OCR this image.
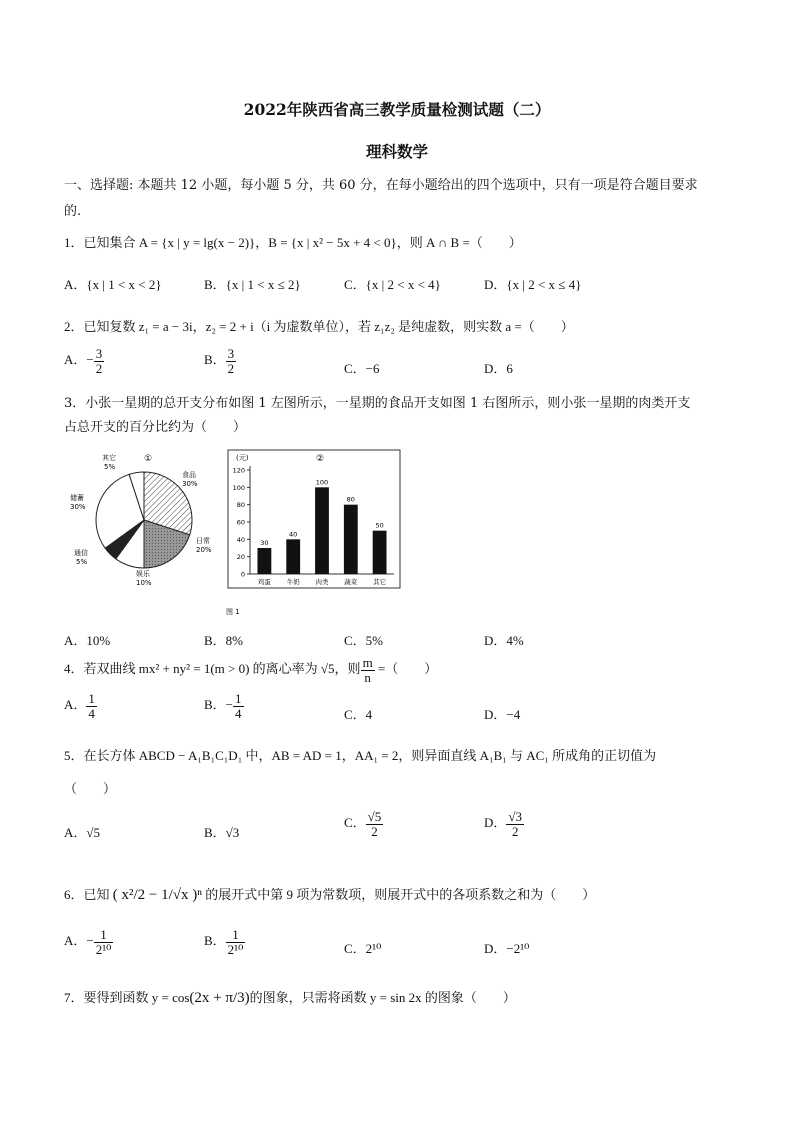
2022年陕西省高三教学质量检测试题（二）
理科数学
一、选择题: 本题共 12 小题，每小题 5 分，共 60 分，在每小题给出的四个选项中，只有一项是符合题目要求
的.
1．已知集合 A = {x | y = lg(x − 2)}，B = {x | x² − 5x + 4 < 0}，则 A ∩ B =（　　）
A．{x | 1 < x < 2}	B．{x | 1 < x ≤ 2}	C．{x | 2 < x < 4}	D．{x | 2 < x ≤ 4}
2．已知复数 z₁ = a − 3i，z₂ = 2 + i（i 为虚数单位），若 z₁z₂ 是纯虚数，则实数 a =（　　）
A．− $\frac{3}{2}$	B． $\frac{3}{2}$	C．−6	D．6
3．小张一星期的总开支分布如图 1 左图所示，一星期的食品开支如图 1 右图所示，则小张一星期的肉类开支
占总开支的百分比约为（　　）
①
其它
5%
食品
30%
储蓄
30%
日常
20%
通信
5%
娱乐
10%
(元)	②
0
20
40
60
80
100
120
30
鸡蛋
40
牛奶
100
肉类
80
蔬菜
50
其它
图 1
A．10%	B．8%	C．5%	D．4%
4．若双曲线 mx² + ny² = 1(m > 0) 的离心率为 √5，则 $\frac{m}{n}$ =（　　）
A． $\frac{1}{4}$	B．− $\frac{1}{4}$	C．4	D．−4
5．在长方体 ABCD − A₁B₁C₁D₁ 中，AB = AD = 1，AA₁ = 2，则异面直线 A₁B₁ 与 AC₁ 所成角的正切值为
（　　）
A．√5	B．√3
C． $\frac{√5}{2}$	D． $\frac{√3}{2}$
6．已知 ( x²/2 − 1/√x )ⁿ 的展开式中第 9 项为常数项，则展开式中的各项系数之和为（　　）
A．− $\frac{1}{\text{2¹⁰}}$	B． $\frac{1}{\text{2¹⁰}}$	C．2¹⁰	D．−2¹⁰
7．要得到函数 y = cos(2x + π/3)的图象，只需将函数 y = sin 2x 的图象（　　）
